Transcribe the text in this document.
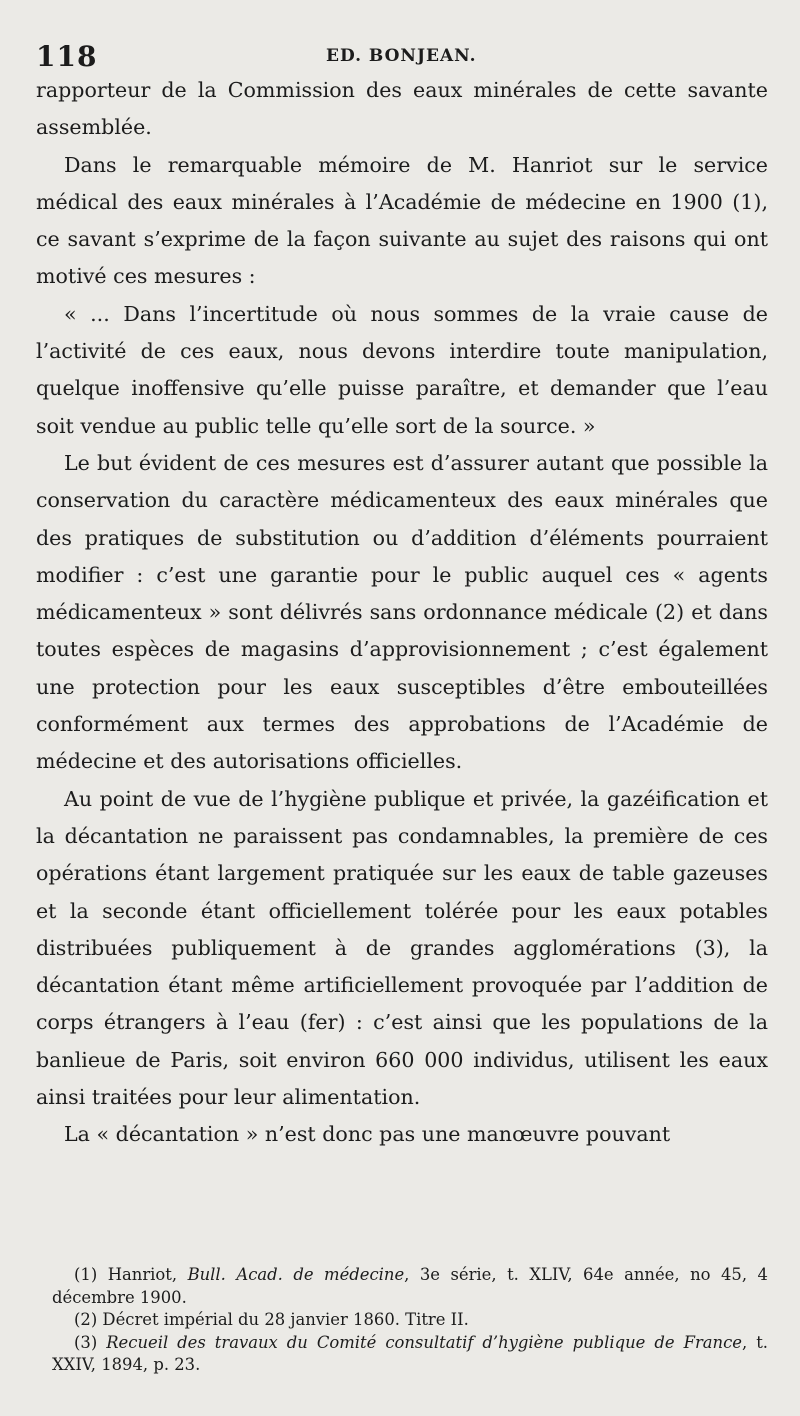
118	ED. BONJEAN.

rapporteur de la Commission des eaux minérales de cette savante assemblée.

Dans le remarquable mémoire de M. Hanriot sur le service médical des eaux minérales à l’Académie de médecine en 1900 (1), ce savant s’exprime de la façon suivante au sujet des raisons qui ont motivé ces mesures :

« ... Dans l’incertitude où nous sommes de la vraie cause de l’activité de ces eaux, nous devons interdire toute manipulation, quelque inoffensive qu’elle puisse paraître, et demander que l’eau soit vendue au public telle qu’elle sort de la source. »

Le but évident de ces mesures est d’assurer autant que possible la conservation du caractère médicamenteux des eaux minérales que des pratiques de substitution ou d’addition d’éléments pourraient modifier : c’est une garantie pour le public auquel ces « agents médicamenteux » sont délivrés sans ordonnance médicale (2) et dans toutes espèces de magasins d’approvisionnement ; c’est également une protection pour les eaux susceptibles d’être embouteillées conformément aux termes des approbations de l’Académie de médecine et des autorisations officielles.

Au point de vue de l’hygiène publique et privée, la gazéification et la décantation ne paraissent pas condamnables, la première de ces opérations étant largement pratiquée sur les eaux de table gazeuses et la seconde étant officiellement tolérée pour les eaux potables distribuées publiquement à de grandes agglomérations (3), la décantation étant même artificiellement provoquée par l’addition de corps étrangers à l’eau (fer) : c’est ainsi que les populations de la banlieue de Paris, soit environ 660 000 individus, utilisent les eaux ainsi traitées pour leur alimentation.

La « décantation » n’est donc pas une manœuvre pouvant

(1) Hanriot, Bull. Acad. de médecine, 3e série, t. XLIV, 64e année, no 45, 4 décembre 1900.

(2) Décret impérial du 28 janvier 1860. Titre II.

(3) Recueil des travaux du Comité consultatif d’hygiène publique de France, t. XXIV, 1894, p. 23.
